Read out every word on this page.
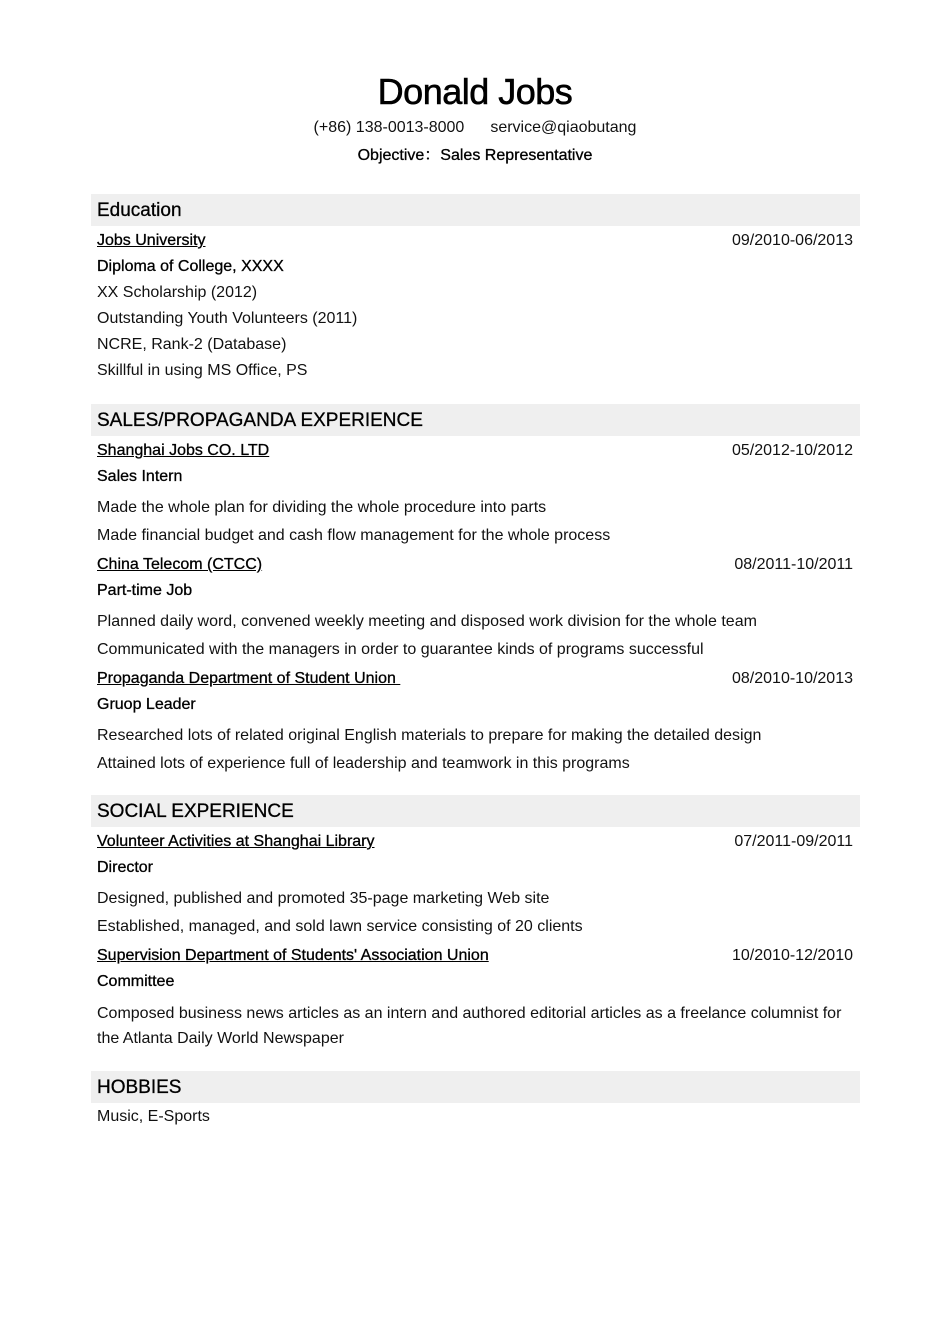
Donald Jobs
(+86) 138-0013-8000 service@qiaobutang
Objective：Sales Representative
Education
Jobs University	09/2010-06/2013
Diploma of College, XXXX
XX Scholarship (2012)
Outstanding Youth Volunteers (2011)
NCRE, Rank-2 (Database)
Skillful in using MS Office, PS
SALES/PROPAGANDA EXPERIENCE
Shanghai Jobs CO. LTD	05/2012-10/2012
Sales Intern
Made the whole plan for dividing the whole procedure into parts
Made financial budget and cash flow management for the whole process
China Telecom (CTCC)	08/2011-10/2011
Part-time Job
Planned daily word, convened weekly meeting and disposed work division for the whole team
Communicated with the managers in order to guarantee kinds of programs successful
Propaganda Department of Student Union	08/2010-10/2013
Gruop Leader
Researched lots of related original English materials to prepare for making the detailed design
Attained lots of experience full of leadership and teamwork in this programs
SOCIAL EXPERIENCE
Volunteer Activities at Shanghai Library	07/2011-09/2011
Director
Designed, published and promoted 35-page marketing Web site
Established, managed, and sold lawn service consisting of 20 clients
Supervision Department of Students' Association Union	10/2010-12/2010
Committee
Composed business news articles as an intern and authored editorial articles as a freelance columnist for the Atlanta Daily World Newspaper
HOBBIES
Music, E-Sports
